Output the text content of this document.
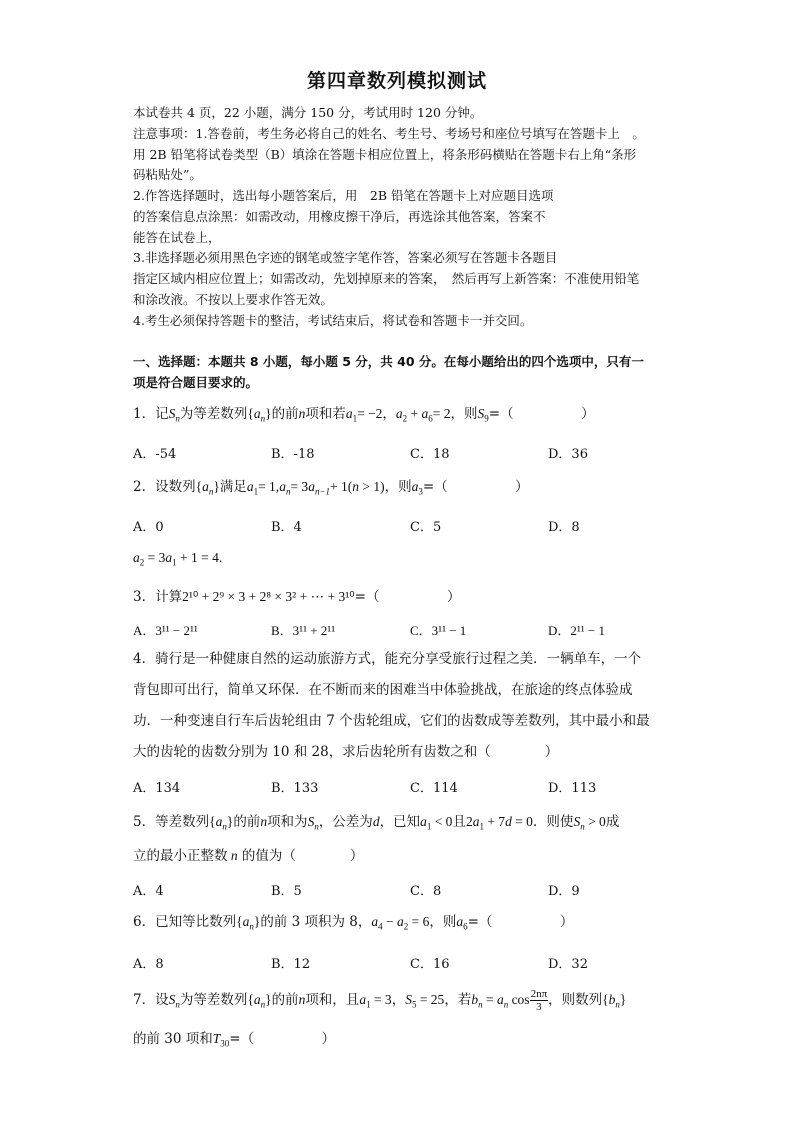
第四章数列模拟测试
本试卷共 4 页，22 小题，满分 150 分，考试用时 120 分钟。
注意事项：1.答卷前，考生务必将自己的姓名、考生号、考场号和座位号填写在答题卡上　。
用 2B 铅笔将试卷类型（B）填涂在答题卡相应位置上，将条形码横贴在答题卡右上角“条形
码粘贴处”。
2.作答选择题时，选出每小题答案后，用　2B 铅笔在答题卡上对应题目选项
的答案信息点涂黑：如需改动，用橡皮擦干净后，再选涂其他答案，答案不
能答在试卷上，
3.非选择题必须用黑色字迹的钢笔或签字笔作答，答案必须写在答题卡各题目
指定区域内相应位置上；如需改动，先划掉原来的答案，　然后再写上新答案：不准使用铅笔
和涂改液。不按以上要求作答无效。
4.考生必须保持答题卡的整洁，考试结束后，将试卷和答题卡一并交回。
一、选择题：本题共 8 小题，每小题 5 分，共 40 分。在每小题给出的四个选项中，只有一
项是符合题目要求的。
1．记$S_n$为等差数列$\{a_n\}$的前n项和若$a_1= -2$，$a_2 + a_6= 2$，则$S_9=$（　　　　　）
A．-54	B．-18	C．18	D．36
2．设数列$\{a_n\}$满足$a_1= 1,a_n= 3a_{n-1}+ 1(n > 1)$，则$a_3=$（　　　　　）
A．0	B．4	C．5	D．8
$a_2 = 3a_1 + 1 = 4$.
3．计算2¹⁰ + 2⁹ × 3 + 2⁸ × 3² + ⋯ + 3¹⁰=（　　　　　）
A．3¹¹ − 2¹¹	B．3¹¹ + 2¹¹	C．3¹¹ − 1	D．2¹¹ − 1
4．骑行是一种健康自然的运动旅游方式，能充分享受旅行过程之美．一辆单车，一个
背包即可出行，简单又环保．在不断而来的困难当中体验挑战，在旅途的终点体验成
功．一种变速自行车后齿轮组由 7 个齿轮组成，它们的齿数成等差数列，其中最小和最
大的齿轮的齿数分别为 10 和 28，求后齿轮所有齿数之和（　　　　）
A．134	B．133	C．114	D．113
5．等差数列$\{a_n\}$的前n项和为$S_n$，公差为d，已知$a_1 < 0$且$2a_1 + 7d = 0$．则使$S_n > 0$成
立的最小正整数 n 的值为（　　　　）
A．4	B．5	C．8	D．9
6．已知等比数列$\{a_n\}$的前 3 项积为 8，$a_4 - a_2 = 6$，则$a_6=$（　　　　　）
A．8	B．12	C．16	D．32
7．设$S_n$为等差数列$\{a_n\}$的前n项和，且$a_1 = 3$，$S_5 = 25$，若$b_n = a_n$ $\cos \frac{2n\pi}{3}$ ，则数列$\{b_n\}$
的前 30 项和$T_{30}=$（　　　　　）
